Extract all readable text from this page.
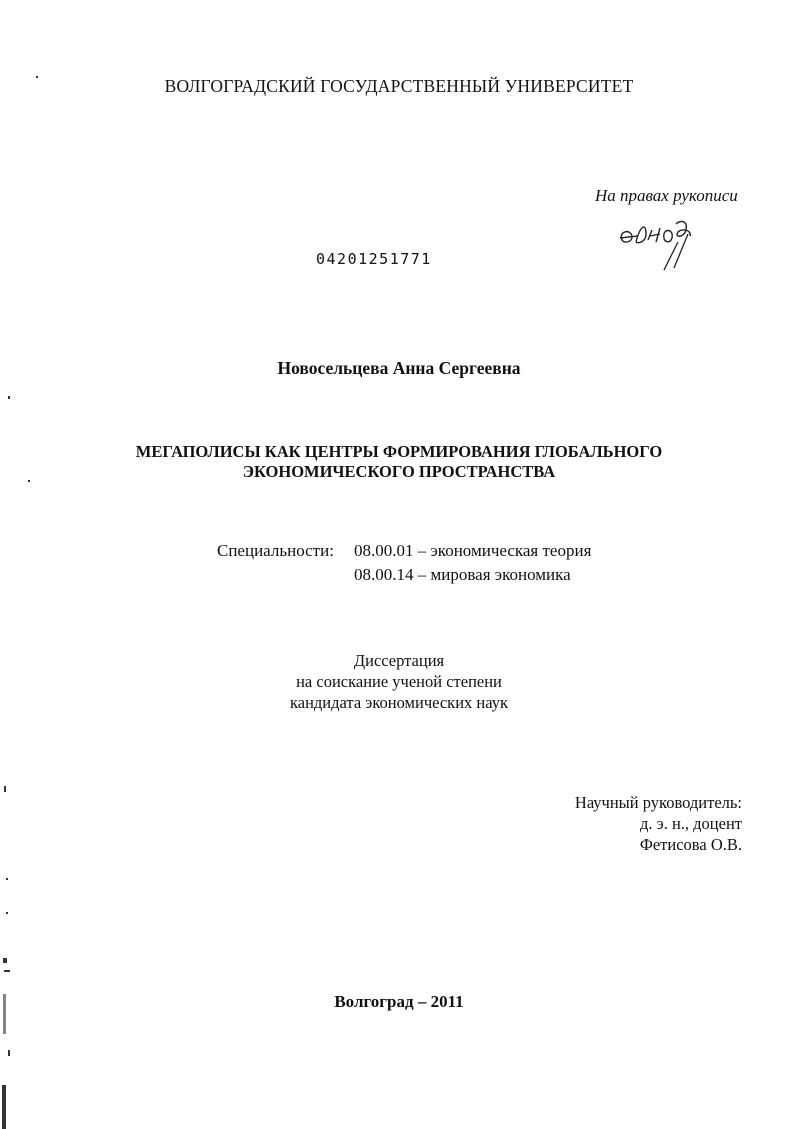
ВОЛГОГРАДСКИЙ ГОСУДАРСТВЕННЫЙ УНИВЕРСИТЕТ
На правах рукописи
04201251771
Новосельцева Анна Сергеевна
МЕГАПОЛИСЫ КАК ЦЕНТРЫ ФОРМИРОВАНИЯ ГЛОБАЛЬНОГО
ЭКОНОМИЧЕСКОГО ПРОСТРАНСТВА
Специальности: 08.00.01 – экономическая теория
08.00.14 – мировая экономика
Диссертация
на соискание ученой степени
кандидата экономических наук
Научный руководитель:
д. э. н., доцент
Фетисова О.В.
Волгоград – 2011
